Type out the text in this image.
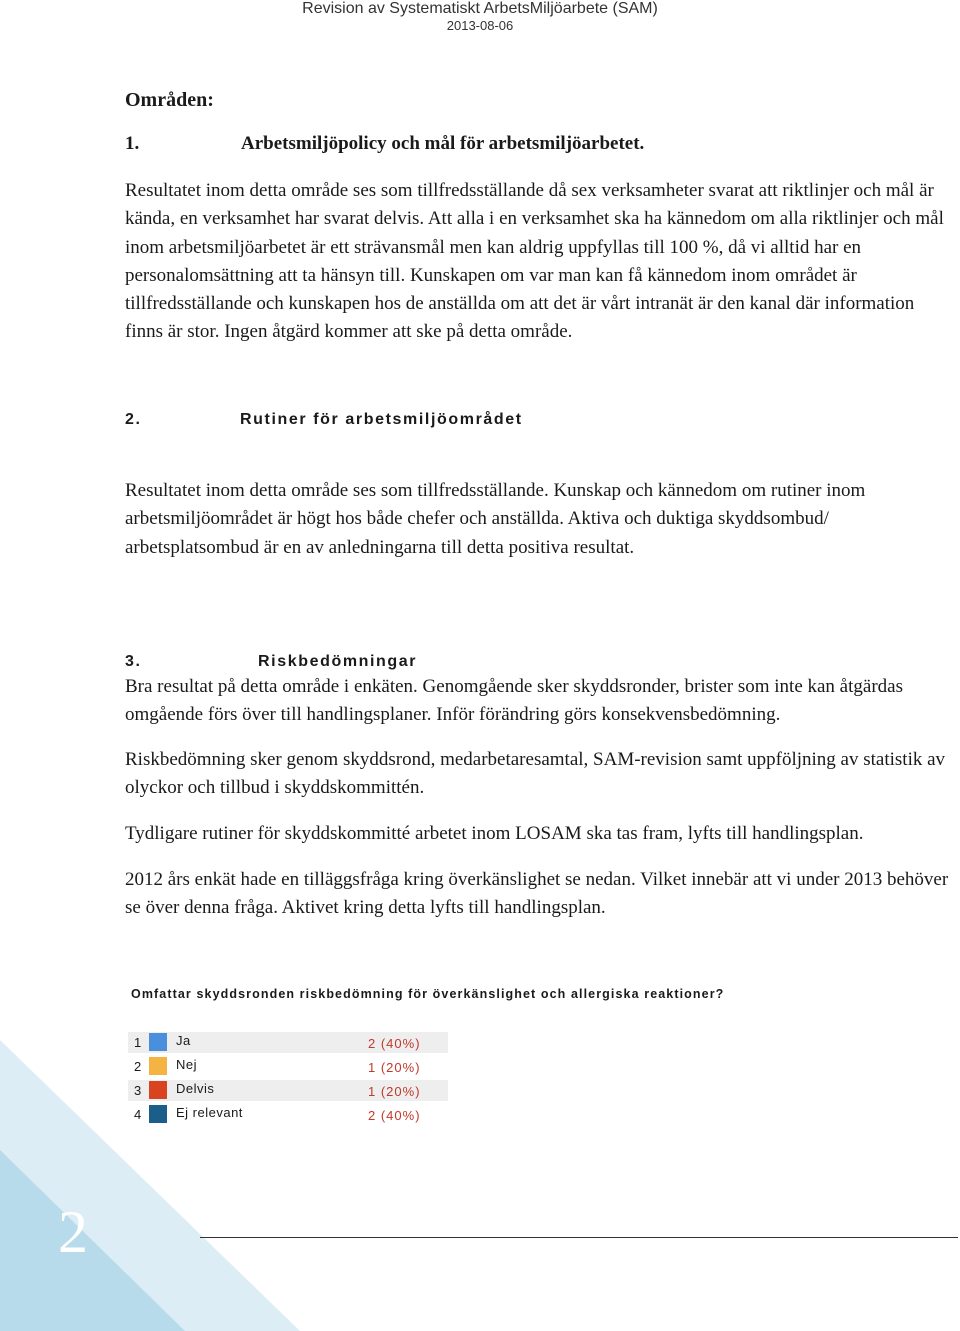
Revision av Systematiskt ArbetsMiljöarbete (SAM)
2013-08-06
Områden:
1.	Arbetsmiljöpolicy och mål för arbetsmiljöarbetet.

Resultatet inom detta område ses som tillfredsställande då sex verksamheter svarat att riktlinjer och mål är kända, en verksamhet har svarat delvis. Att alla i en verksamhet ska ha kännedom om alla riktlinjer och mål inom arbetsmiljöarbetet är ett strävansmål men kan aldrig uppfyllas till 100 %, då vi alltid har en personalomsättning att ta hänsyn till. Kunskapen om var man kan få kännedom inom området är tillfredsställande och kunskapen hos de anställda om att det är vårt intranät är den kanal där information finns är stor. Ingen åtgärd kommer att ske på detta område.

2.	Rutiner för arbetsmiljöområdet

Resultatet inom detta område ses som tillfredsställande. Kunskap och kännedom om rutiner inom arbetsmiljöområdet är högt hos både chefer och anställda. Aktiva och duktiga skyddsombud/ arbetsplatsombud är en av anledningarna till detta positiva resultat.

3.	Riskbedömningar

Bra resultat på detta område i enkäten. Genomgående sker skyddsronder, brister som inte kan åtgärdas omgående förs över till handlingsplaner. Inför förändring görs konsekvensbedömning.

Riskbedömning sker genom skyddsrond, medarbetaresamtal, SAM-revision samt uppföljning av statistik av olyckor och tillbud i skyddskommittén.

Tydligare rutiner för skyddskommitté arbetet inom LOSAM ska tas fram, lyfts till handlingsplan.

2012 års enkät hade en tilläggsfråga kring överkänslighet se nedan. Vilket innebär att vi under 2013 behöver se över denna fråga. Aktivet kring detta lyfts till handlingsplan.

Omfattar skyddsronden riskbedömning för överkänslighet och allergiska reaktioner?
1	Ja	2 (40%)
2	Nej	1 (20%)
3	Delvis	1 (20%)
4	Ej relevant	2 (40%)
2
